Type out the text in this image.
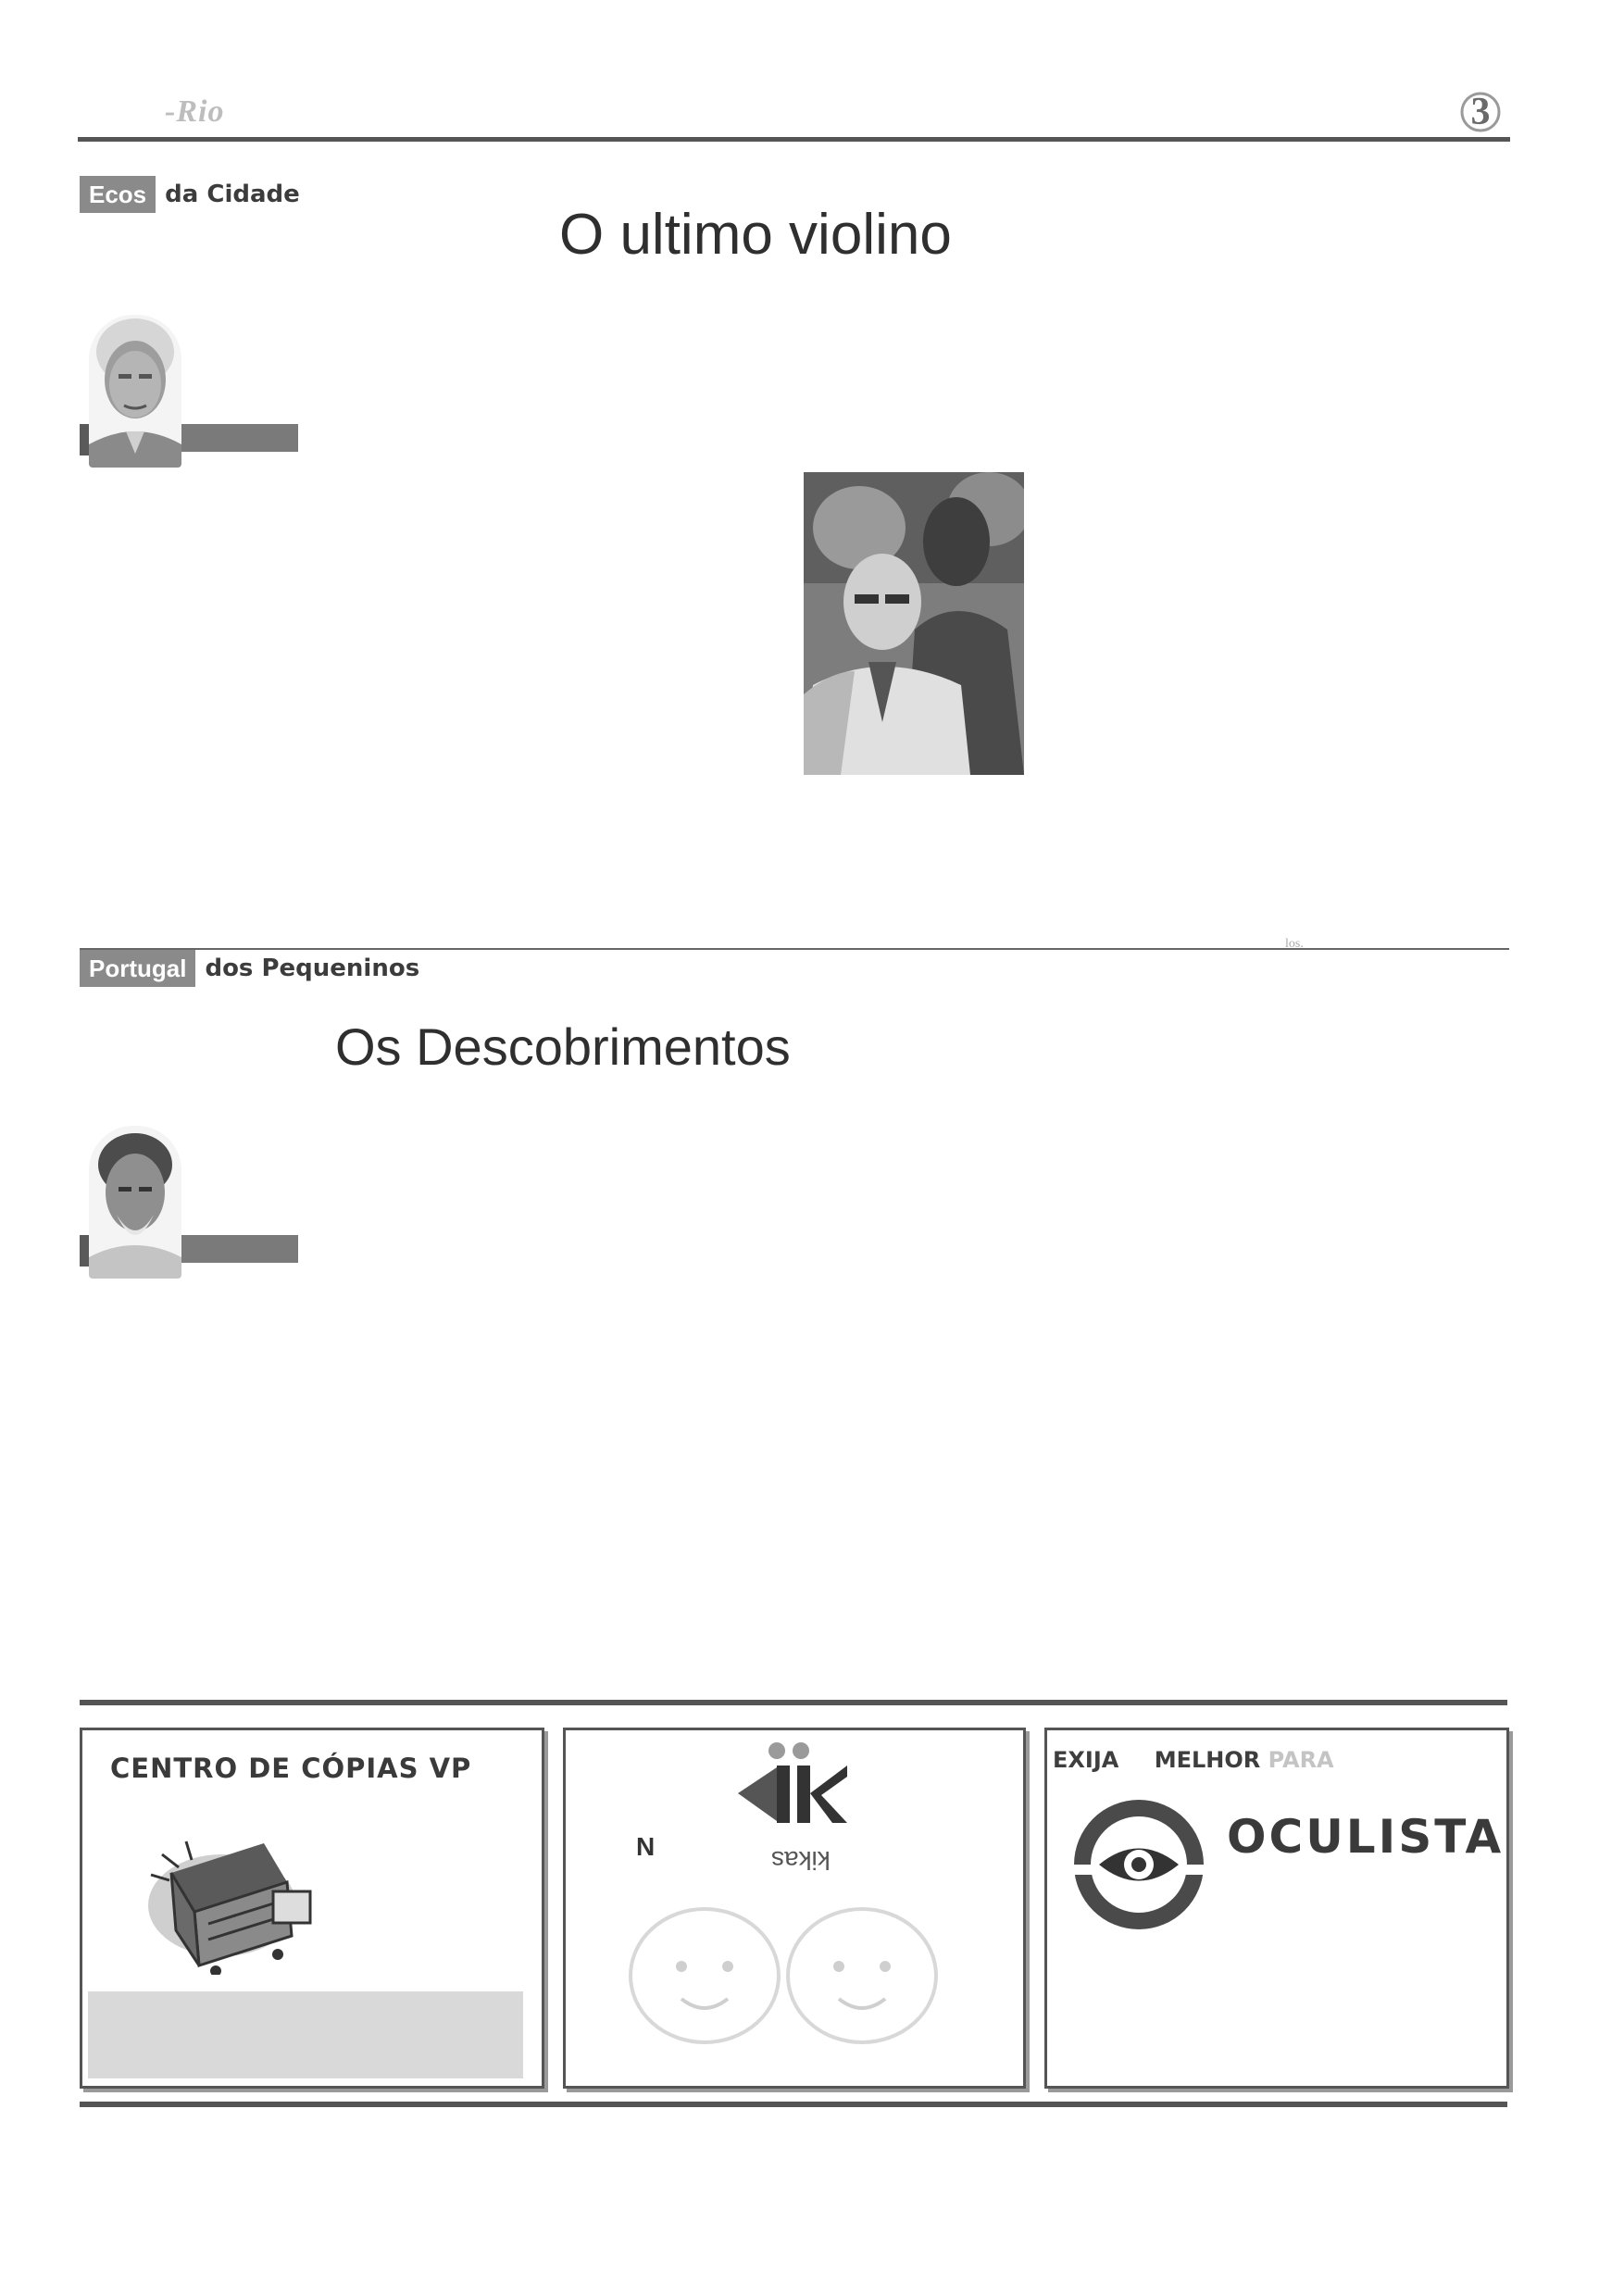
-Rio	3
Ecos da Cidade
O ultimo violino
los.
Portugal dos Pequeninos
Os Descobrimentos
CENTRO DE CÓPIAS VP
N	kikas
EXIJA MELHOR PARA
OCULISTA
